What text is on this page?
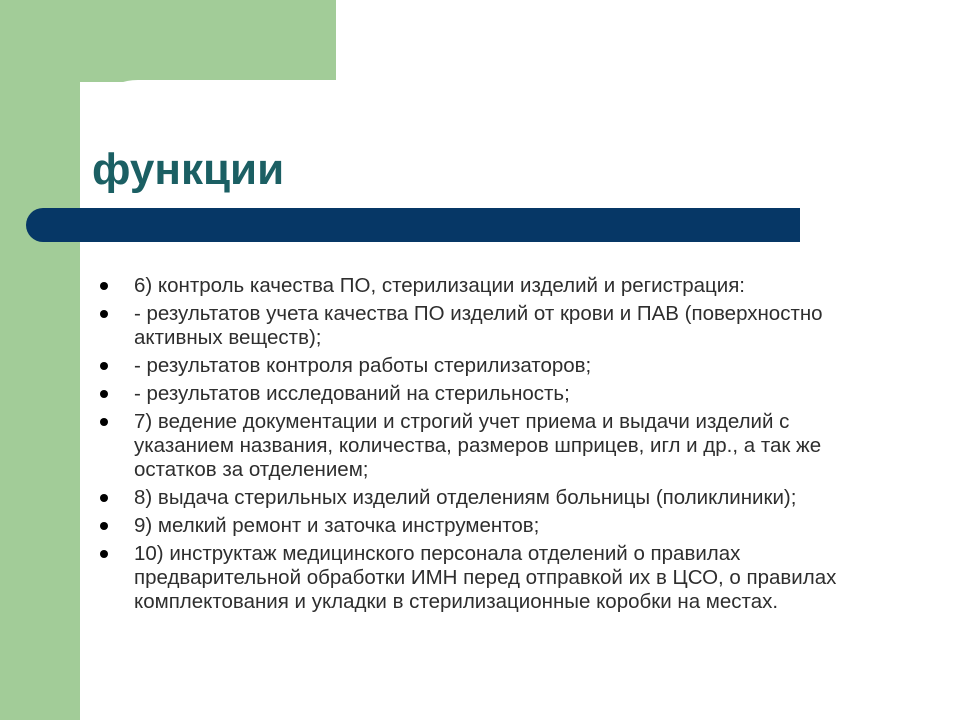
функции
6) контроль качества ПО, стерилизации изделий и регистрация:
- результатов учета качества ПО изделий от крови и ПАВ (поверхностно активных веществ);
- результатов контроля работы стерилизаторов;
- результатов исследований на стерильность;
7) ведение документации и строгий учет приема и выдачи изделий с указанием названия, количества, размеров шприцев, игл и др., а так же остатков за отделением;
8) выдача стерильных изделий отделениям больницы (поликлиники);
9) мелкий ремонт и заточка инструментов;
10) инструктаж медицинского персонала отделений о правилах предварительной обработки ИМН перед отправкой их в ЦСО, о правилах комплектования и укладки в стерилизационные коробки на местах.
